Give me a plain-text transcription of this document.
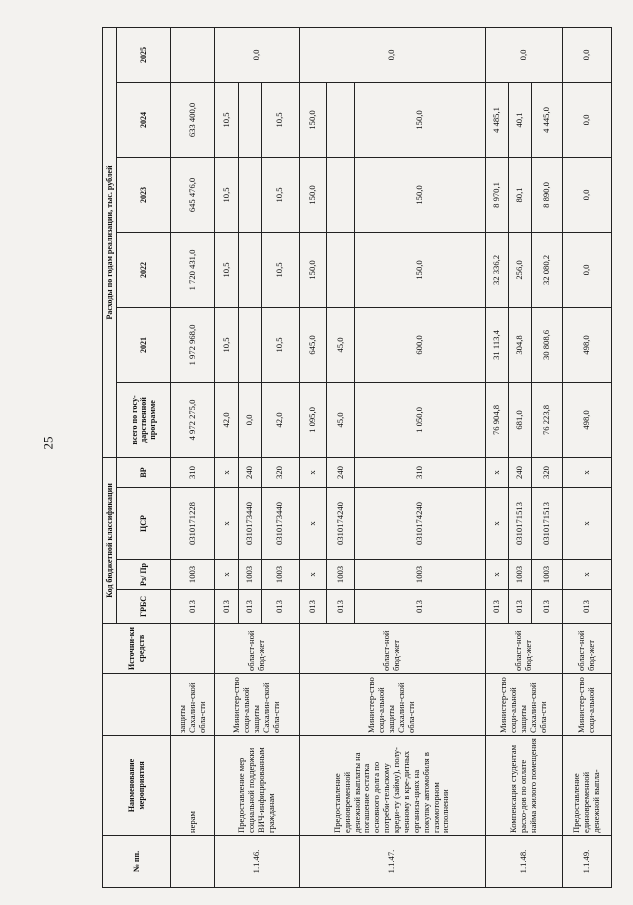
25
№ пп.	Наименование мероприятия		Источни-ки средств	Код бюджетной классификации				Расходы по годам реализации, тыс. рублей					
				ГРБС	Рз/ Пр	ЦСР	ВР	всего по госу-дарственной программе	2021	2022	2023	2024	2025

	нерам	защиты Сахалин-ской обла-сти		013	1003	0310171228	310	4 972 275,0	1 972 968,0	1 720 431,0	645 476,0	633 400,0	
1.1.46.	Предоставление мер социальной поддержки ВИЧ-инфицированным гражданам	Министер-ство соци-альной защиты Сахалин-ской обла-сти	област-ной бюд-жет	013	x	x	x	42,0	10,5	10,5	10,5	10,5	0,0
				013	1003	0310173440	240	0,0					
				013	1003	0310173440	320	42,0	10,5	10,5	10,5	10,5	
1.1.47.	Предоставление единовременной денежной выплаты на погашение остатка основного долга по потреби-тельскому креди-ту (займу), полу-ченному в кре-дитных организа-циях на покупку автомобиля в газомоторном исполнении	Министер-ство соци-альной защиты Сахалин-ской обла-сти	област-ной бюд-жет	013	x	x	x	1 095,0	645,0	150,0	150,0	150,0	0,0
				013	1003	0310174240	240	45,0	45,0				
				013	1003	0310174240	310	1 050,0	600,0	150,0	150,0	150,0	
1.1.48.	Компенсация студентам расхо-дов по оплате найма жилого помещения	Министер-ство соци-альной защиты Сахалин-ской обла-сти	област-ной бюд-жет	013	x	x	x	76 904,8	31 113,4	32 336,2	8 970,1	4 485,1	0,0
				013	1003	0310171513	240	681,0	304,8	256,0	80,1	40,1	
				013	1003	0310171513	320	76 223,8	30 808,6	32 080,2	8 890,0	4 445,0	
1.1.49.	Предоставление единовременной денежной выпла-	Министер-ство соци-альной	област-ной бюд-жет	013	x	x	x	498,0	498,0	0,0	0,0	0,0	0,0
